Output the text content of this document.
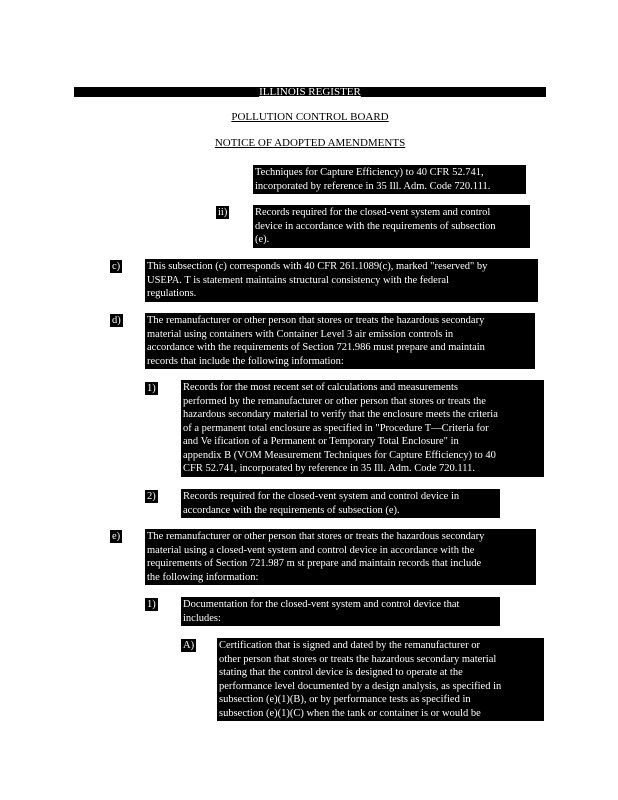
ILLINOIS REGISTER
POLLUTION CONTROL BOARD
NOTICE OF ADOPTED AMENDMENTS
Techniques for Capture Efficiency) to 40 CFR 52.741,
incorporated by reference in 35 Ill. Adm. Code 720.111.
ii)	Records required for the closed-vent system and control
device in accordance with the requirements of subsection
(e).
c)	This subsection (c) corresponds with 40 CFR 261.1089(c), marked "reserved" by
USEPA. T is statement maintains structural consistency with the federal
regulations.
d)	The remanufacturer or other person that stores or treats the hazardous secondary
material using containers with Container Level 3 air emission controls in
accordance with the requirements of Section 721.986 must prepare and maintain
records that include the following information:
1)	Records for the most recent set of calculations and measurements
performed by the remanufacturer or other person that stores or treats the
hazardous secondary material to verify that the enclosure meets the criteria
of a permanent total enclosure as specified in "Procedure T—Criteria for
and Ve ification of a Permanent or Temporary Total Enclosure" in
appendix B (VOM Measurement Techniques for Capture Efficiency) to 40
CFR 52.741, incorporated by reference in 35 Ill. Adm. Code 720.111.
2)	Records required for the closed-vent system and control device in
accordance with the requirements of subsection (e).
e)	The remanufacturer or other person that stores or treats the hazardous secondary
material using a closed-vent system and control device in accordance with the
requirements of Section 721.987 m st prepare and maintain records that include
the following information:
1)	Documentation for the closed-vent system and control device that
includes:
A) Certification that is signed and dated by the remanufacturer or
other person that stores or treats the hazardous secondary material
stating that the control device is designed to operate at the
performance level documented by a design analysis, as specified in
subsection (e)(1)(B), or by performance tests as specified in
subsection (e)(1)(C) when the tank or container is or would be
